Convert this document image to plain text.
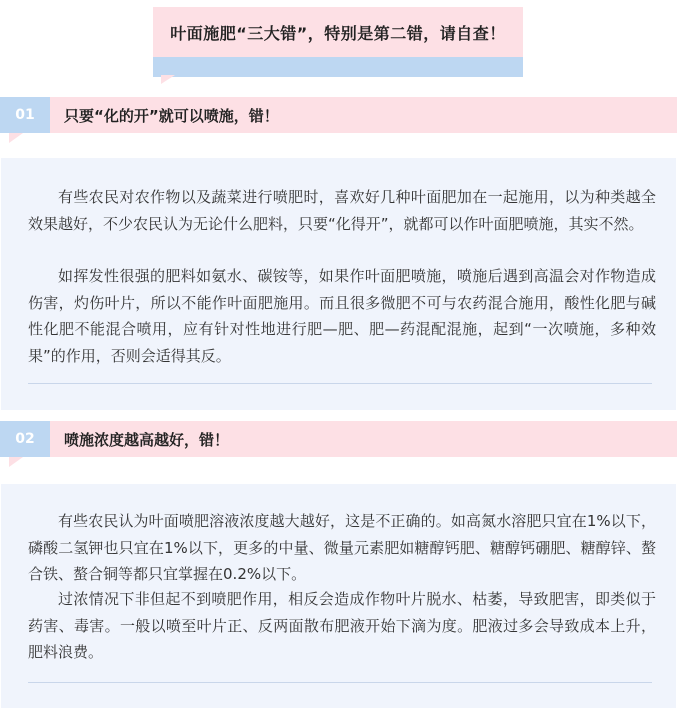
叶面施肥“三大错”，特别是第二错，请自查！
01	只要“化的开”就可以喷施，错！

有些农民对农作物以及蔬菜进行喷肥时，喜欢好几种叶面肥加在一起施用，以为种类越全效果越好，不少农民认为无论什么肥料，只要“化得开”，就都可以作叶面肥喷施，其实不然。

如挥发性很强的肥料如氨水、碳铵等，如果作叶面肥喷施，喷施后遇到高温会对作物造成伤害，灼伤叶片，所以不能作叶面肥施用。而且很多微肥不可与农药混合施用，酸性化肥与碱性化肥不能混合喷用，应有针对性地进行肥—肥、肥—药混配混施，起到“一次喷施，多种效果”的作用，否则会适得其反。

02	喷施浓度越高越好，错！

有些农民认为叶面喷肥溶液浓度越大越好，这是不正确的。如高氮水溶肥只宜在1%以下，磷酸二氢钾也只宜在1%以下，更多的中量、微量元素肥如糖醇钙肥、糖醇钙硼肥、糖醇锌、螯合铁、螯合铜等都只宜掌握在0.2%以下。

过浓情况下非但起不到喷肥作用，相反会造成作物叶片脱水、枯萎，导致肥害，即类似于药害、毒害。一般以喷至叶片正、反两面散布肥液开始下滴为度。肥液过多会导致成本上升，肥料浪费。
